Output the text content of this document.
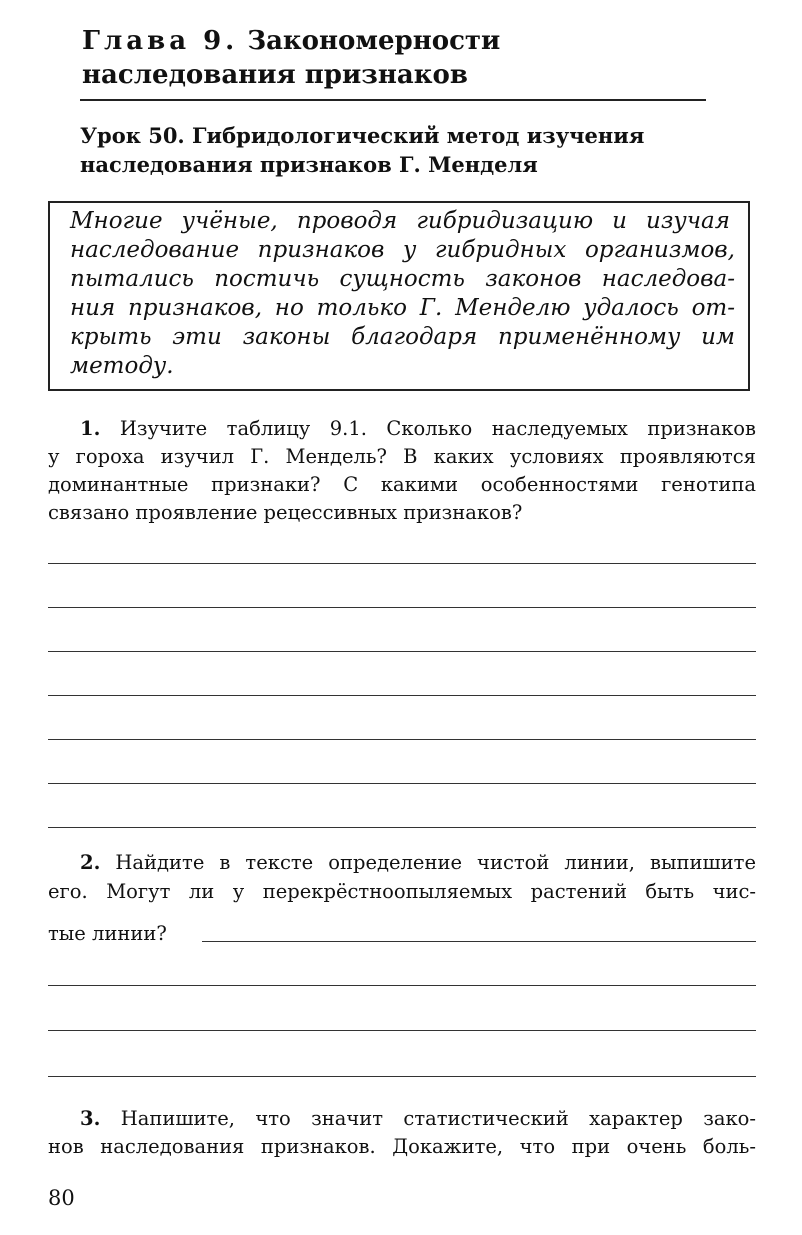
Глава 9. Закономерности наследования признаков
Урок 50. Гибридологический метод изучения
наследования признаков Г. Менделя
Многие учёные, проводя гибридизацию и изучая
наследование признаков у гибридных организмов,
пытались постичь сущность законов наследова-
ния признаков, но только Г. Менделю удалось от-
крыть эти законы благодаря применённому им
методу.
1. Изучите таблицу 9.1. Сколько наследуемых признаков
у гороха изучил Г. Мендель? В каких условиях проявляются
доминантные признаки? С какими особенностями генотипа
связано проявление рецессивных признаков?
2. Найдите в тексте определение чистой линии, выпишите
его. Могут ли у перекрёстноопыляемых растений быть чис-
тые линии?
3. Напишите, что значит статистический характер зако-
нов наследования признаков. Докажите, что при очень боль-
80
